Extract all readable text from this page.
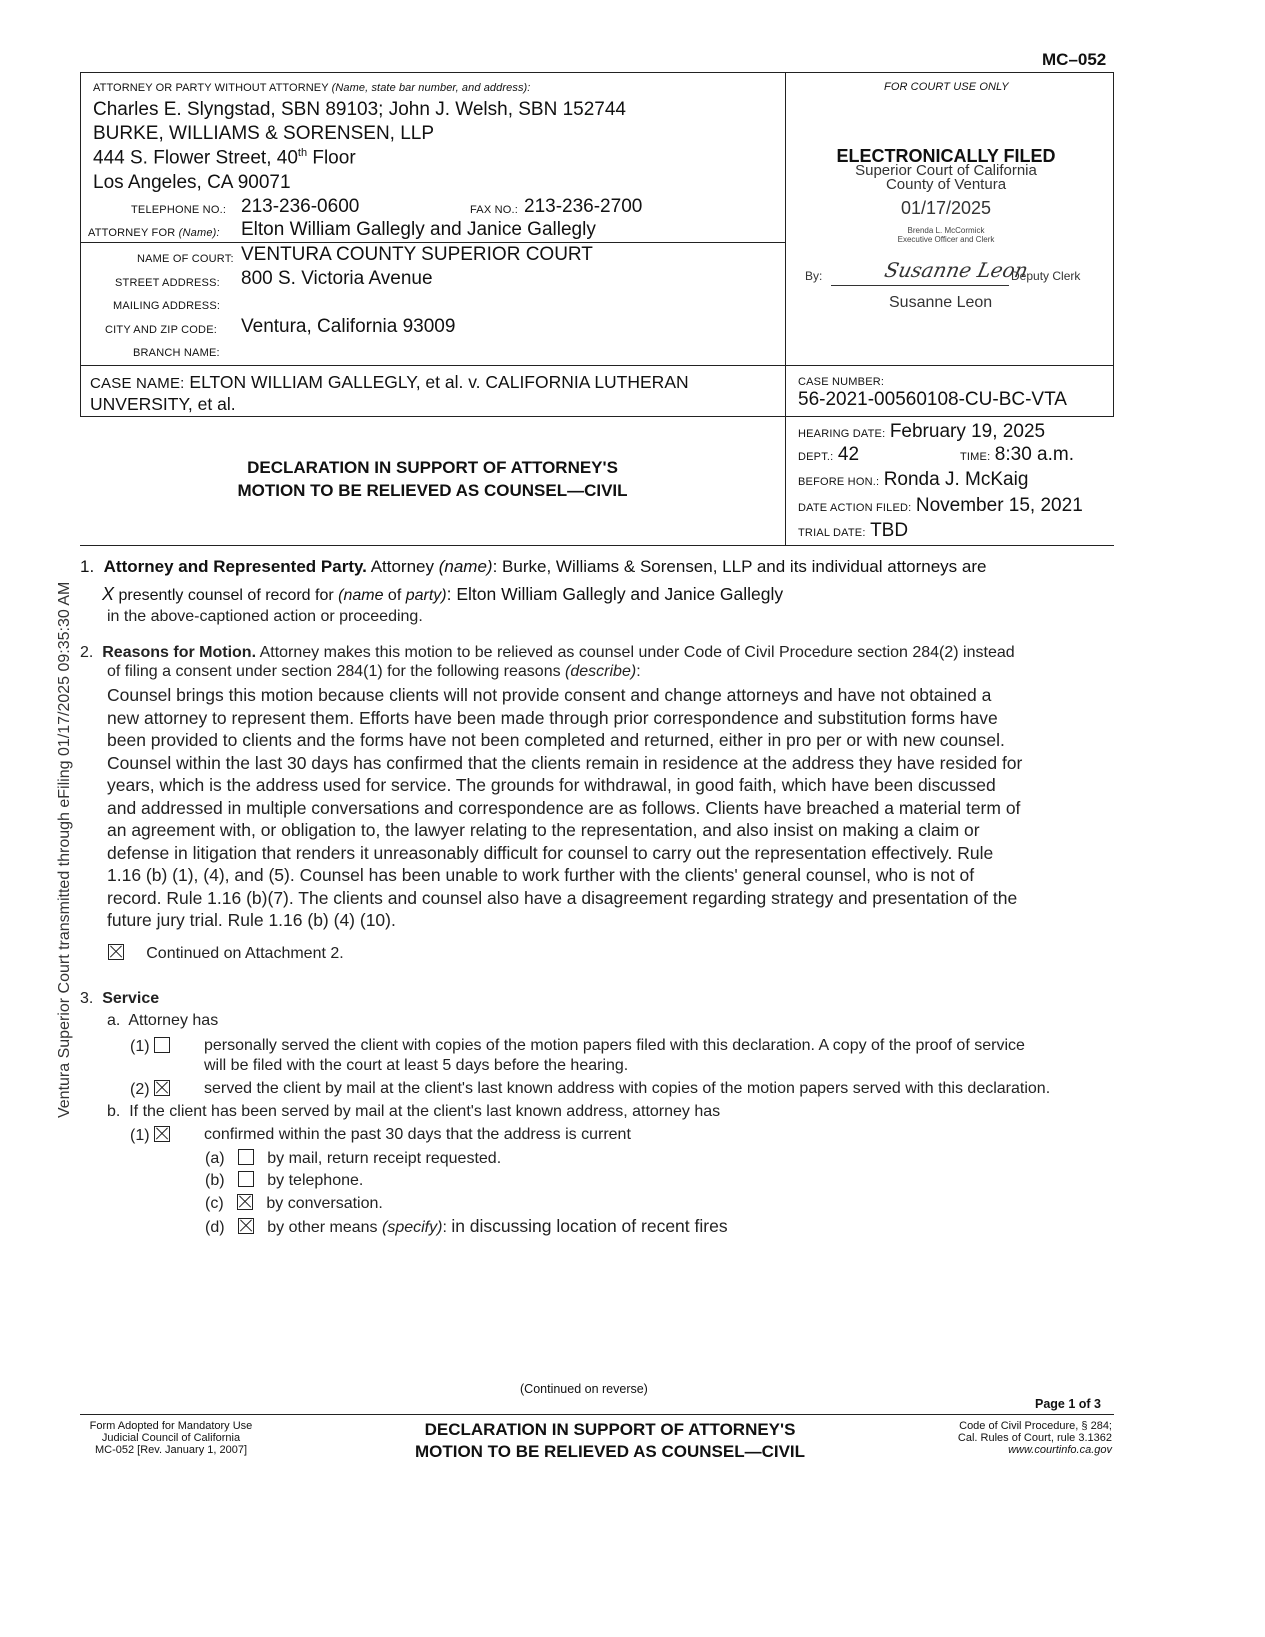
MC–052
Ventura Superior Court transmitted through eFiling 01/17/2025 09:35:30 AM
ATTORNEY OR PARTY WITHOUT ATTORNEY (Name, state bar number, and address):
Charles E. Slyngstad, SBN 89103; John J. Welsh, SBN 152744
BURKE, WILLIAMS & SORENSEN, LLP
444 S. Flower Street, 40th Floor
Los Angeles, CA 90071
TELEPHONE NO.: 213-236-0600	FAX NO.: 213-236-2700
ATTORNEY FOR (Name): Elton William Gallegly and Janice Gallegly
NAME OF COURT: VENTURA COUNTY SUPERIOR COURT
STREET ADDRESS: 800 S. Victoria Avenue
MAILING ADDRESS:
CITY AND ZIP CODE: Ventura, California 93009
BRANCH NAME:
FOR COURT USE ONLY
ELECTRONICALLY FILED
Superior Court of California
County of Ventura
01/17/2025
Brenda L. McCormick
Executive Officer and Clerk
By:	Susanne Leon
Deputy Clerk
Susanne Leon
CASE NAME: ELTON WILLIAM GALLEGLY, et al. v. CALIFORNIA LUTHERAN
UNVERSITY, et al.
CASE NUMBER:
56-2021-00560108-CU-BC-VTA
DECLARATION IN SUPPORT OF ATTORNEY'S
MOTION TO BE RELIEVED AS COUNSEL—CIVIL
HEARING DATE: February 19, 2025
DEPT.: 42	TIME: 8:30 a.m.
BEFORE HON.: Ronda J. McKaig
DATE ACTION FILED: November 15, 2021
TRIAL DATE: TBD
1. Attorney and Represented Party. Attorney (name): Burke, Williams & Sorensen, LLP and its individual attorneys are
X presently counsel of record for (name of party): Elton William Gallegly and Janice Gallegly
in the above-captioned action or proceeding.
2. Reasons for Motion. Attorney makes this motion to be relieved as counsel under Code of Civil Procedure section 284(2) instead
of filing a consent under section 284(1) for the following reasons (describe):
Counsel brings this motion because clients will not provide consent and change attorneys and have not obtained a
new attorney to represent them. Efforts have been made through prior correspondence and substitution forms have
been provided to clients and the forms have not been completed and returned, either in pro per or with new counsel.
Counsel within the last 30 days has confirmed that the clients remain in residence at the address they have resided for
years, which is the address used for service. The grounds for withdrawal, in good faith, which have been discussed
and addressed in multiple conversations and correspondence are as follows. Clients have breached a material term of
an agreement with, or obligation to, the lawyer relating to the representation, and also insist on making a claim or
defense in litigation that renders it unreasonably difficult for counsel to carry out the representation effectively. Rule
1.16 (b) (1), (4), and (5). Counsel has been unable to work further with the clients' general counsel, who is not of
record. Rule 1.16 (b)(7). The clients and counsel also have a disagreement regarding strategy and presentation of the
future jury trial. Rule 1.16 (b) (4) (10).
Continued on Attachment 2.
3. Service
a. Attorney has
(1)	personally served the client with copies of the motion papers filed with this declaration. A copy of the proof of service
will be filed with the court at least 5 days before the hearing.
(2)	served the client by mail at the client's last known address with copies of the motion papers served with this declaration.
b. If the client has been served by mail at the client's last known address, attorney has
(1)	confirmed within the past 30 days that the address is current
(a)	by mail, return receipt requested.
(b)	by telephone.
(c)	by conversation.
(d)	by other means (specify): in discussing location of recent fires
(Continued on reverse)
Page 1 of 3
Form Adopted for Mandatory Use
Judicial Council of California
MC-052 [Rev. January 1, 2007]
DECLARATION IN SUPPORT OF ATTORNEY'S
MOTION TO BE RELIEVED AS COUNSEL—CIVIL
Code of Civil Procedure, § 284;
Cal. Rules of Court, rule 3.1362
www.courtinfo.ca.gov
